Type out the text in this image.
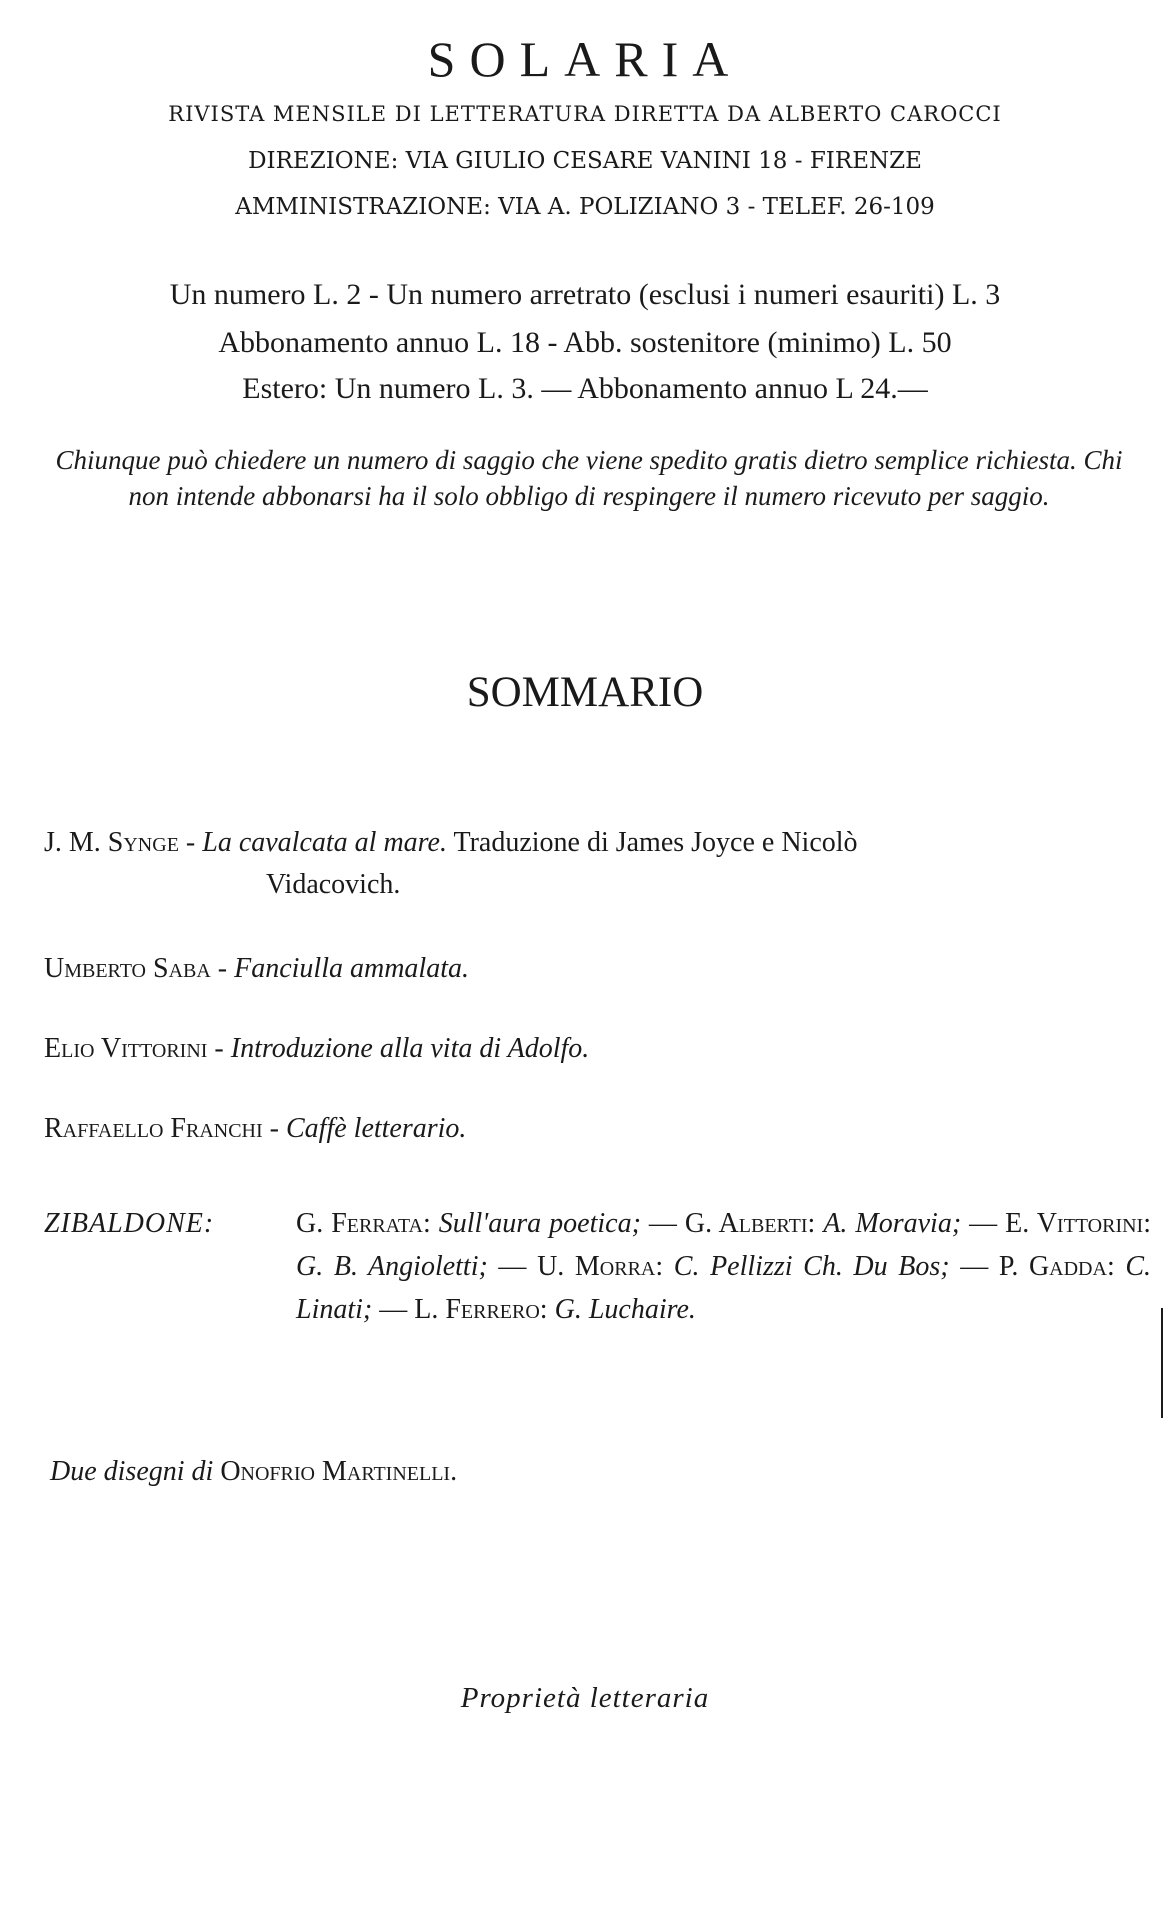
SOLARIA
RIVISTA MENSILE DI LETTERATURA DIRETTA DA ALBERTO CAROCCI
DIREZIONE: VIA GIULIO CESARE VANINI 18 - FIRENZE
AMMINISTRAZIONE: VIA A. POLIZIANO 3 - TELEF. 26-109
Un numero L. 2 - Un numero arretrato (esclusi i numeri esauriti) L. 3
Abbonamento annuo L. 18 - Abb. sostenitore (minimo) L. 50
Estero: Un numero L. 3. — Abbonamento annuo L 24.—
Chiunque può chiedere un numero di saggio che viene spedito gratis dietro semplice richiesta. Chi non intende abbonarsi ha il solo obbligo di respingere il numero ricevuto per saggio.
SOMMARIO
J. M. Synge - La cavalcata al mare. Traduzione di James Joyce e Nicolò
Vidacovich.
Umberto Saba - Fanciulla ammalata.
Elio Vittorini - Introduzione alla vita di Adolfo.
Raffaello Franchi - Caffè letterario.
ZIBALDONE:	G. Ferrata: Sull'aura poetica; — G. Alberti: A. Moravia; — E. Vittorini: G. B. Angioletti; — U. Morra: C. Pellizzi Ch. Du Bos; — P. Gadda: C. Linati; — L. Ferrero: G. Luchaire.
Due disegni di Onofrio Martinelli.
Proprietà letteraria
